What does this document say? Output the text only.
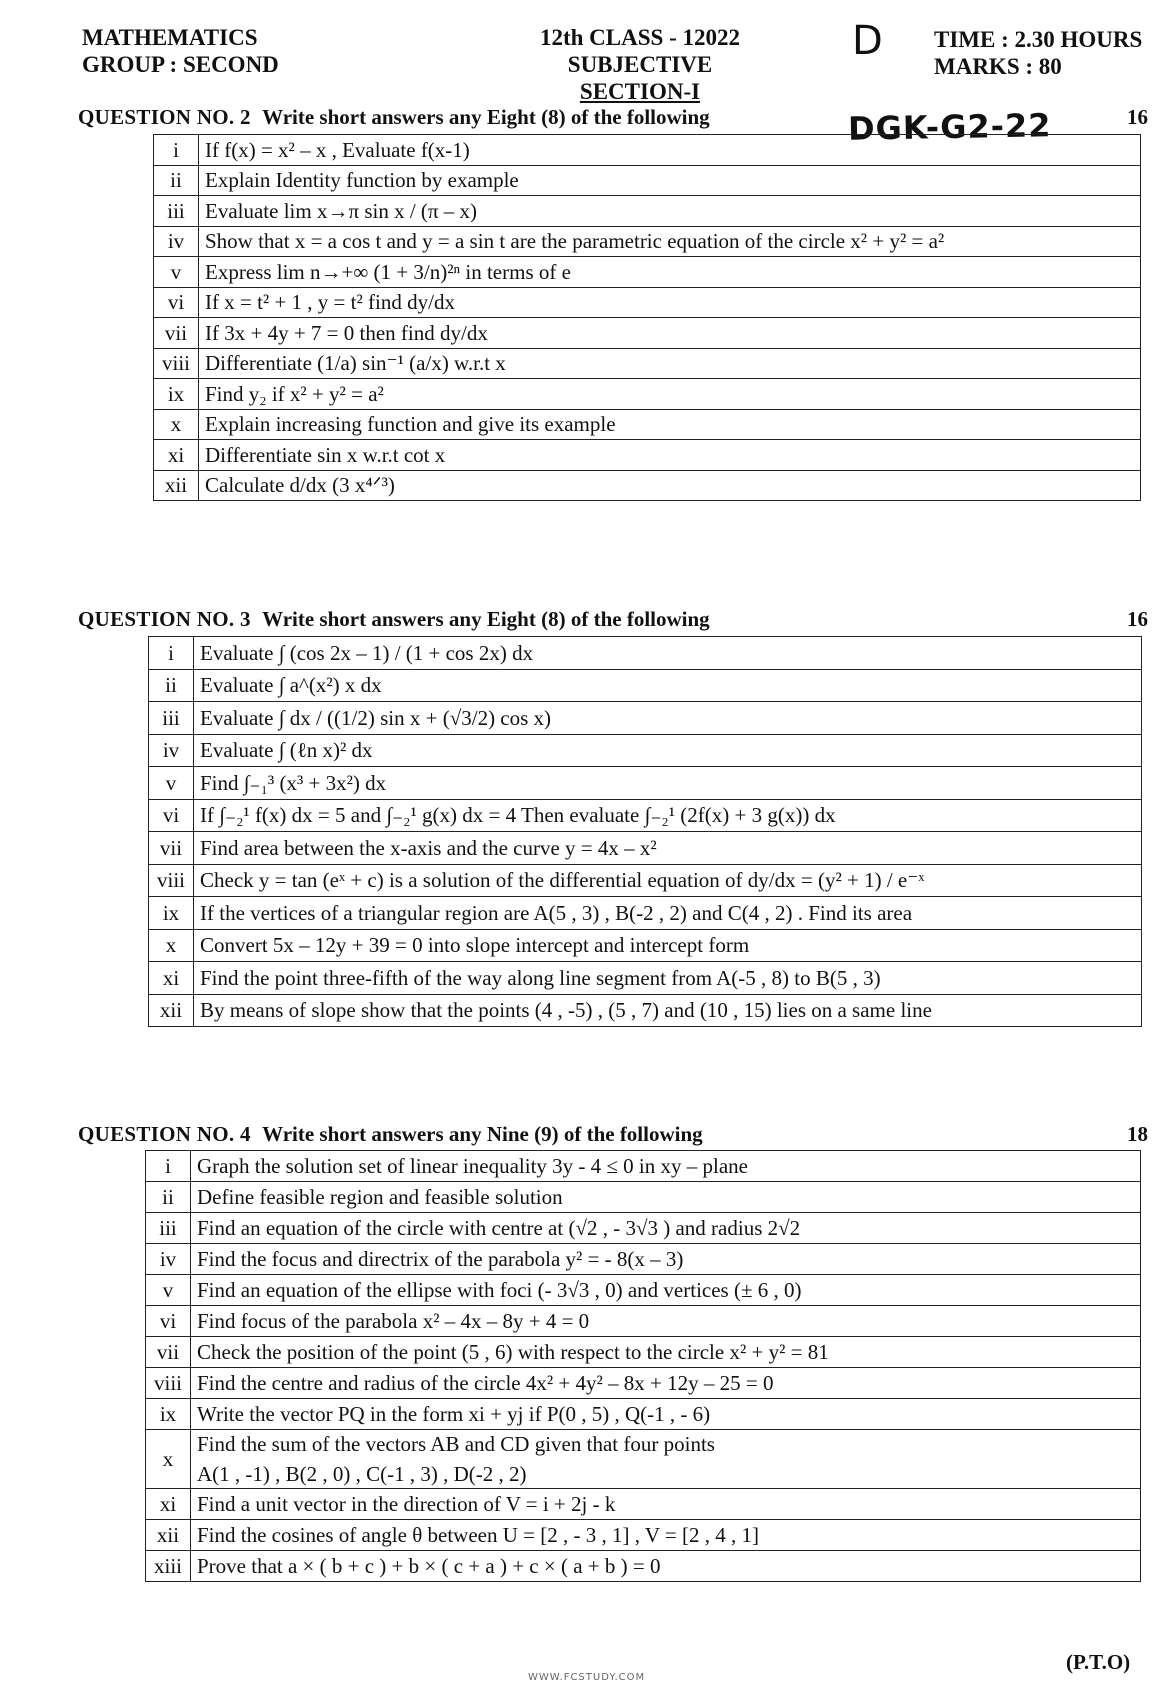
MATHEMATICS
GROUP : SECOND
12th CLASS - 12022
SUBJECTIVE
SECTION-I
TIME : 2.30 HOURS
MARKS : 80
D
DGK-G2-22
QUESTION NO. 2 Write short answers any Eight (8) of the following	16
i	If f(x) = x² – x , Evaluate f(x-1)

ii	Explain Identity function by example

iii	Evaluate lim x→π sin x / (π – x)

iv	Show that x = a cos t and y = a sin t are the parametric equation of the circle x² + y² = a²

v	Express lim n→+∞ (1 + 3/n)²ⁿ in terms of e

vi	If x = t² + 1 , y = t² find dy/dx

vii	If 3x + 4y + 7 = 0 then find dy/dx

viii	Differentiate (1/a) sin⁻¹ (a/x) w.r.t x

ix	Find y₂ if x² + y² = a²

x	Explain increasing function and give its example

xi	Differentiate sin x w.r.t cot x

xii	Calculate d/dx (3 x⁴ᐟ³)
QUESTION NO. 3 Write short answers any Eight (8) of the following	16
i	Evaluate ∫ (cos 2x – 1) / (1 + cos 2x) dx

ii	Evaluate ∫ a^(x²) x dx

iii	Evaluate ∫ dx / ((1/2) sin x + (√3/2) cos x)

iv	Evaluate ∫ (ℓn x)² dx

v	Find ∫₋₁³ (x³ + 3x²) dx

vi	If ∫₋₂¹ f(x) dx = 5 and ∫₋₂¹ g(x) dx = 4 Then evaluate ∫₋₂¹ (2f(x) + 3 g(x)) dx

vii	Find area between the x-axis and the curve y = 4x – x²

viii	Check y = tan (eˣ + c) is a solution of the differential equation of dy/dx = (y² + 1) / e⁻ˣ

ix	If the vertices of a triangular region are A(5 , 3) , B(-2 , 2) and C(4 , 2) . Find its area

x	Convert 5x – 12y + 39 = 0 into slope intercept and intercept form

xi	Find the point three-fifth of the way along line segment from A(-5 , 8) to B(5 , 3)

xii	By means of slope show that the points (4 , -5) , (5 , 7) and (10 , 15) lies on a same line
QUESTION NO. 4 Write short answers any Nine (9) of the following	18
i	Graph the solution set of linear inequality 3y - 4 ≤ 0 in xy – plane

ii	Define feasible region and feasible solution

iii	Find an equation of the circle with centre at (√2 , - 3√3 ) and radius 2√2

iv	Find the focus and directrix of the parabola y² = - 8(x – 3)

v	Find an equation of the ellipse with foci (- 3√3 , 0) and vertices (± 6 , 0)

vi	Find focus of the parabola x² – 4x – 8y + 4 = 0

vii	Check the position of the point (5 , 6) with respect to the circle x² + y² = 81

viii	Find the centre and radius of the circle 4x² + 4y² – 8x + 12y – 25 = 0

ix	Write the vector PQ in the form xi + yj if P(0 , 5) , Q(-1 , - 6)

x	Find the sum of the vectors AB and CD given that four points
A(1 , -1) , B(2 , 0) , C(-1 , 3) , D(-2 , 2)

xi	Find a unit vector in the direction of V = i + 2j - k

xii	Find the cosines of angle θ between U = [2 , - 3 , 1] , V = [2 , 4 , 1]

xiii	Prove that a × ( b + c ) + b × ( c + a ) + c × ( a + b ) = 0
(P.T.O)
WWW.FCSTUDY.COM
